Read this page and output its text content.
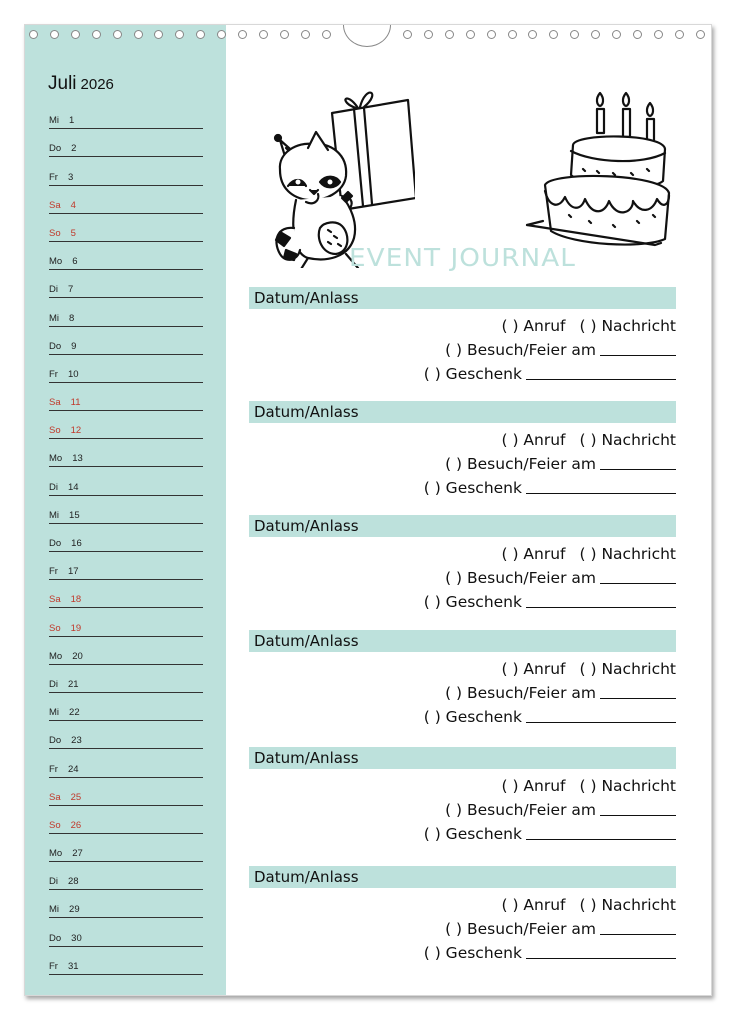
Juli 2026
Mi 1
Do 2
Fr 3
Sa 4
So 5
Mo 6
Di 7
Mi 8
Do 9
Fr 10
Sa 11
So 12
Mo 13
Di 14
Mi 15
Do 16
Fr 17
Sa 18
So 19
Mo 20
Di 21
Mi 22
Do 23
Fr 24
Sa 25
So 26
Mo 27
Di 28
Mi 29
Do 30
Fr 31
EVENT JOURNAL
Datum/Anlass
( ) Anruf ( ) Nachricht
( ) Besuch/Feier am
( ) Geschenk
Datum/Anlass
( ) Anruf ( ) Nachricht
( ) Besuch/Feier am
( ) Geschenk
Datum/Anlass
( ) Anruf ( ) Nachricht
( ) Besuch/Feier am
( ) Geschenk
Datum/Anlass
( ) Anruf ( ) Nachricht
( ) Besuch/Feier am
( ) Geschenk
Datum/Anlass
( ) Anruf ( ) Nachricht
( ) Besuch/Feier am
( ) Geschenk
Datum/Anlass
( ) Anruf ( ) Nachricht
( ) Besuch/Feier am
( ) Geschenk
